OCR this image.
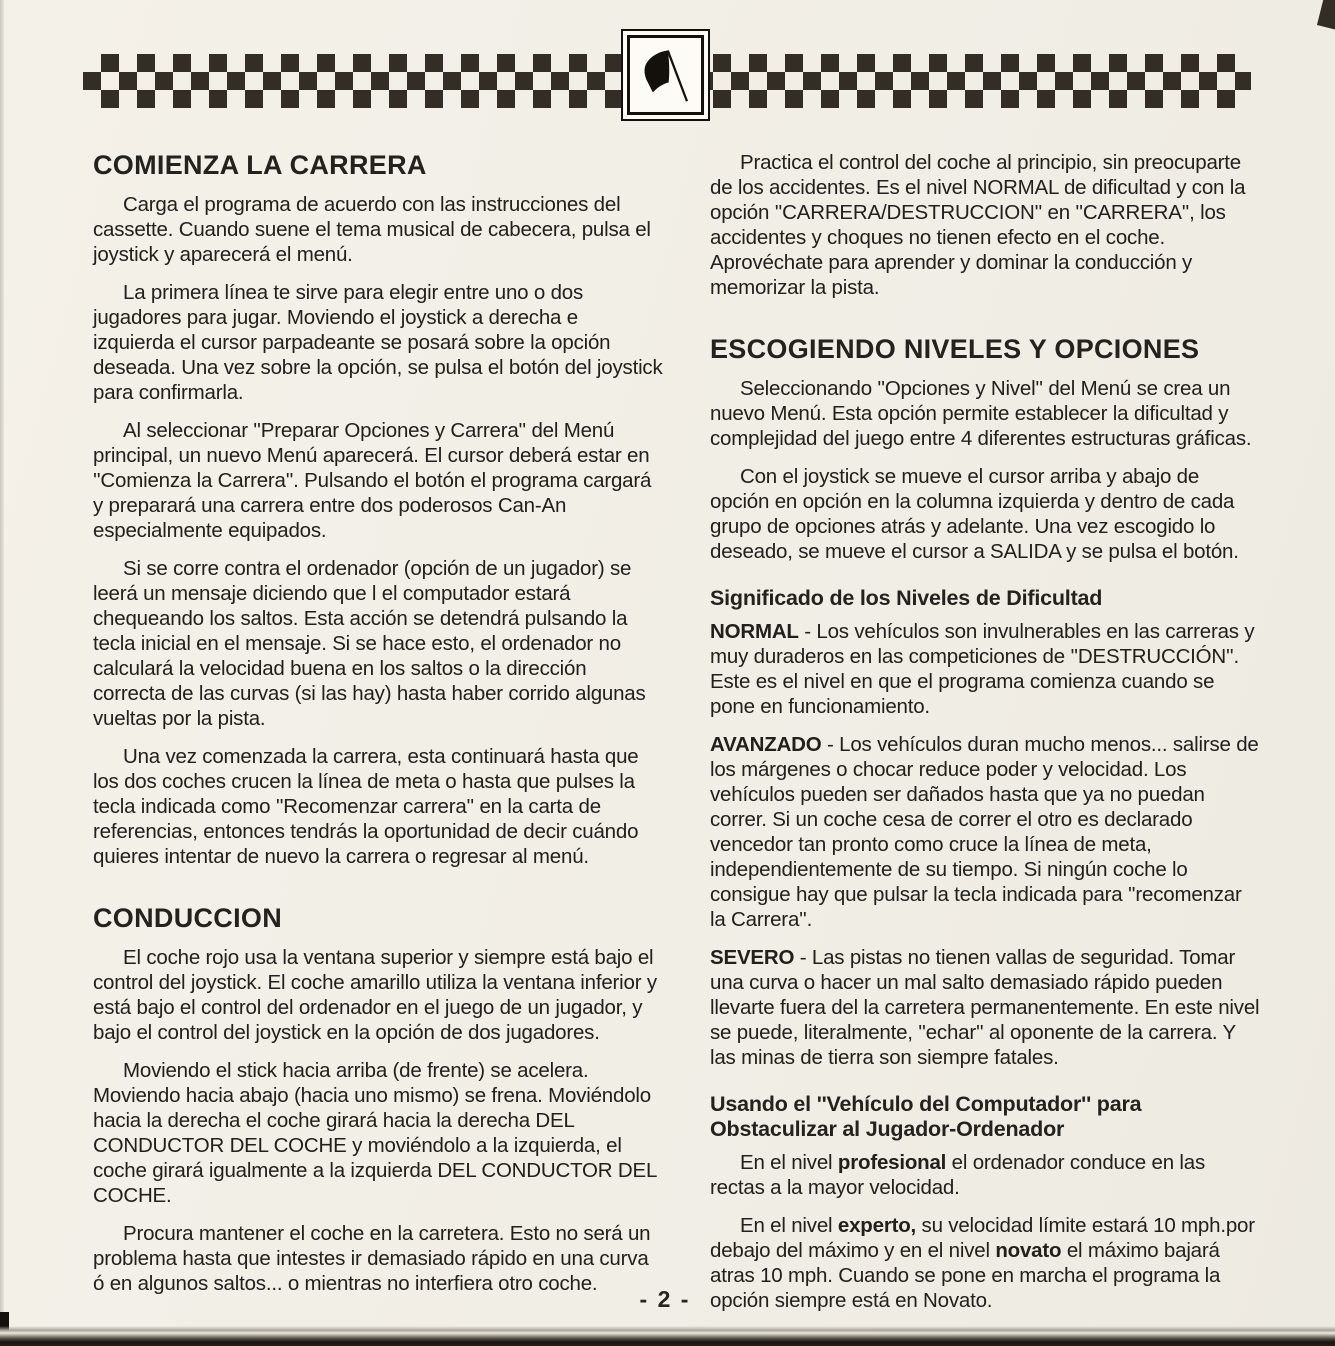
COMIENZA LA CARRERA
Carga el programa de acuerdo con las instrucciones del cassette. Cuando suene el tema musical de cabecera, pulsa el joystick y aparecerá el menú.
La primera línea te sirve para elegir entre uno o dos jugadores para jugar. Moviendo el joystick a derecha e izquierda el cursor parpadeante se posará sobre la opción deseada. Una vez sobre la opción, se pulsa el botón del joystick para confirmarla.
Al seleccionar ''Preparar Opciones y Carrera'' del Menú principal, un nuevo Menú aparecerá. El cursor deberá estar en ''Comienza la Carrera''. Pulsando el botón el programa cargará y preparará una carrera entre dos poderosos Can-An especialmente equipados.
Si se corre contra el ordenador (opción de un jugador) se leerá un mensaje diciendo que l el computador estará chequeando los saltos. Esta acción se detendrá pulsando la tecla inicial en el mensaje. Si se hace esto, el ordenador no calculará la velocidad buena en los saltos o la dirección correcta de las curvas (si las hay) hasta haber corrido algunas vueltas por la pista.
Una vez comenzada la carrera, esta continuará hasta que los dos coches crucen la línea de meta o hasta que pulses la tecla indicada como ''Recomenzar carrera'' en la carta de referencias, entonces tendrás la oportunidad de decir cuándo quieres intentar de nuevo la carrera o regresar al menú.
CONDUCCION
El coche rojo usa la ventana superior y siempre está bajo el control del joystick. El coche amarillo utiliza la ventana inferior y está bajo el control del ordenador en el juego de un jugador, y bajo el control del joystick en la opción de dos jugadores.
Moviendo el stick hacia arriba (de frente) se acelera. Moviendo hacia abajo (hacia uno mismo) se frena. Moviéndolo hacia la derecha el coche girará hacia la derecha DEL CONDUCTOR DEL COCHE y moviéndolo a la izquierda, el coche girará igualmente a la izquierda DEL CONDUCTOR DEL COCHE.
Procura mantener el coche en la carretera. Esto no será un problema hasta que intestes ir demasiado rápido en una curva ó en algunos saltos... o mientras no interfiera otro coche.
Practica el control del coche al principio, sin preocuparte de los accidentes. Es el nivel NORMAL de dificultad y con la opción ''CARRERA/DESTRUCCION'' en ''CARRERA'', los accidentes y choques no tienen efecto en el coche. Aprovéchate para aprender y dominar la conducción y memorizar la pista.
ESCOGIENDO NIVELES Y OPCIONES
Seleccionando ''Opciones y Nivel'' del Menú se crea un nuevo Menú. Esta opción permite establecer la dificultad y complejidad del juego entre 4 diferentes estructuras gráficas.
Con el joystick se mueve el cursor arriba y abajo de opción en opción en la columna izquierda y dentro de cada grupo de opciones atrás y adelante. Una vez escogido lo deseado, se mueve el cursor a SALIDA y se pulsa el botón.
Significado de los Niveles de Dificultad
NORMAL - Los vehículos son invulnerables en las carreras y muy duraderos en las competiciones de ''DESTRUCCIÓN''. Este es el nivel en que el programa comienza cuando se pone en funcionamiento.
AVANZADO - Los vehículos duran mucho menos... salirse de los márgenes o chocar reduce poder y velocidad. Los vehículos pueden ser dañados hasta que ya no puedan correr. Si un coche cesa de correr el otro es declarado vencedor tan pronto como cruce la línea de meta, independientemente de su tiempo. Si ningún coche lo consigue hay que pulsar la tecla indicada para ''recomenzar la Carrera''.
SEVERO - Las pistas no tienen vallas de seguridad. Tomar una curva o hacer un mal salto demasiado rápido pueden llevarte fuera del la carretera permanentemente. En este nivel se puede, literalmente, ''echar'' al oponente de la carrera. Y las minas de tierra son siempre fatales.
Usando el ''Vehículo del Computador'' para Obstaculizar al Jugador-Ordenador
En el nivel profesional el ordenador conduce en las rectas a la mayor velocidad.
En el nivel experto, su velocidad límite estará 10 mph.por debajo del máximo y en el nivel novato el máximo bajará atras 10 mph. Cuando se pone en marcha el programa la opción siempre está en Novato.
- 2 -
